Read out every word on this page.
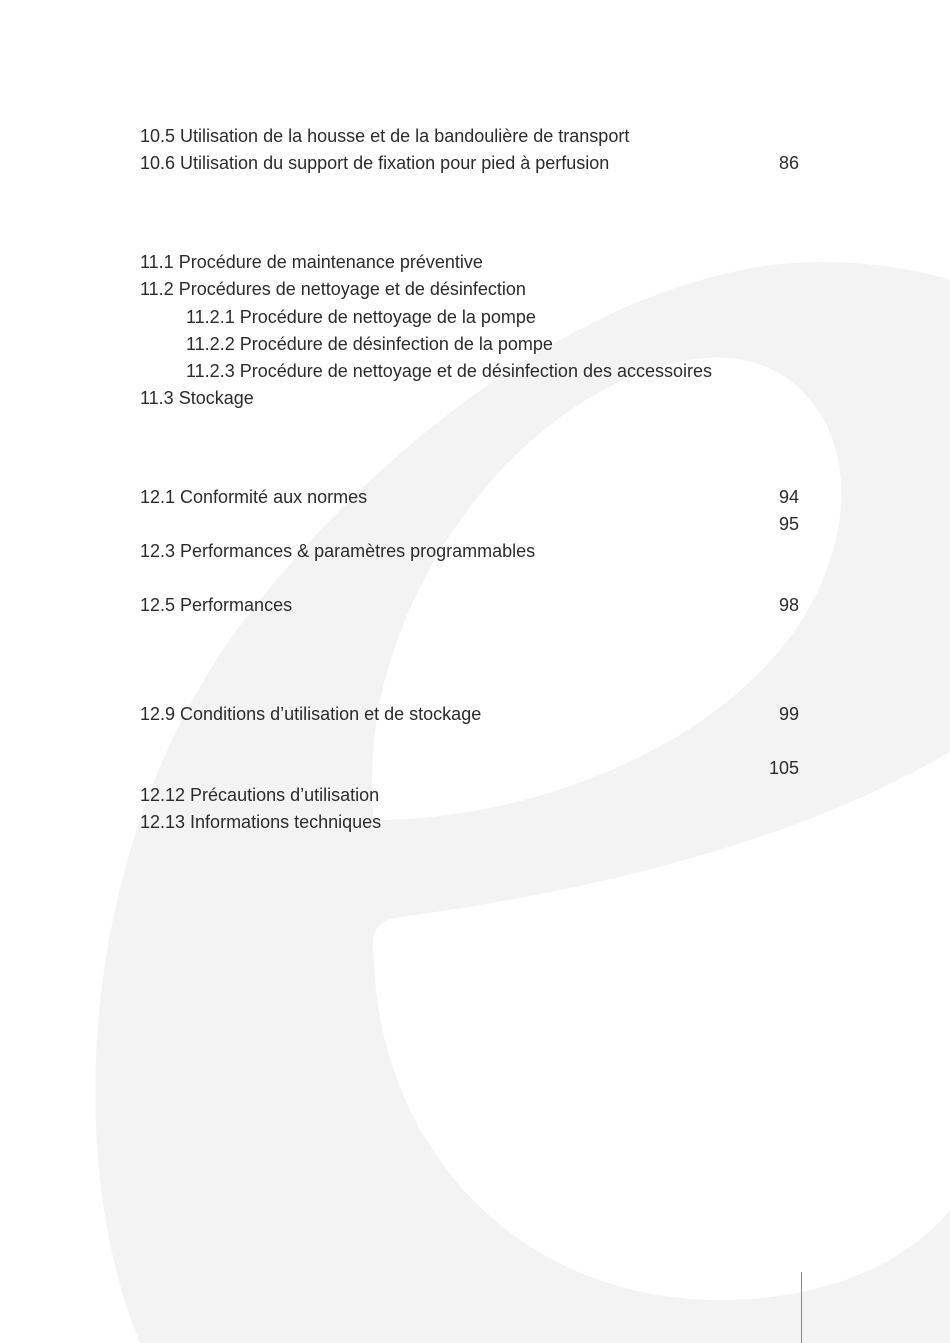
10.5 Utilisation de la housse et de la bandoulière de transport
10.6 Utilisation du support de fixation pour pied à perfusion	86
11.1 Procédure de maintenance préventive
11.2 Procédures de nettoyage et de désinfection
11.2.1 Procédure de nettoyage de la pompe
11.2.2 Procédure de désinfection de la pompe
11.2.3 Procédure de nettoyage et de désinfection des accessoires
11.3 Stockage
12.1 Conformité aux normes	94
95
12.3 Performances & paramètres programmables
12.5 Performances	98
12.9 Conditions d’utilisation et de stockage	99
105
12.12 Précautions d’utilisation
12.13 Informations techniques
